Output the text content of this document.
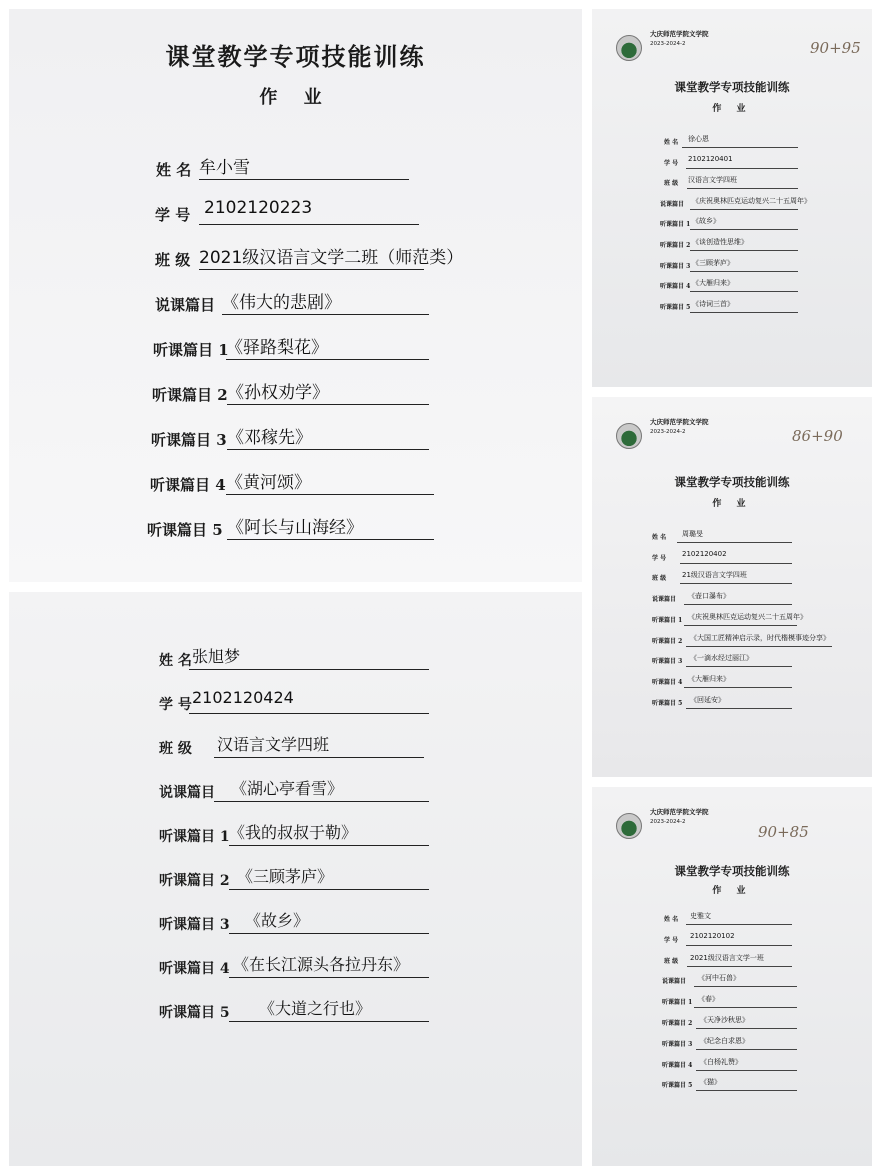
课堂教学专项技能训练
作 业
姓 名 牟小雪
学 号 2102120223
班 级 2021级汉语言文学二班（师范类）
说课篇目 《伟大的悲剧》
听课篇目 1
《驿路梨花》
听课篇目 2 《孙权劝学》
听课篇目 3 《邓稼先》
听课篇目 4 《黄河颂》
听课篇目 5 《阿长与山海经》
姓 名 张旭梦
学 号 2102120424
班 级 汉语言文学四班
说课篇目 《湖心亭看雪》
听课篇目 1 《我的叔叔于勒》
听课篇目 2 《三顾茅庐》
听课篇目 3 《故乡》
听课篇目 4 《在长江源头各拉丹东》
听课篇目 5 《大道之行也》
大庆师范学院文学院
2023-2024-2	90+95
课堂教学专项技能训练
作 业
姓 名 徐心恩
学 号
2102120401
班 级 汉语言文学四班
说课篇目 《庆祝奥林匹克运动复兴二十五周年》
听课篇目 1 《故乡》
听课篇目 2 《谈创造性思维》
听课篇目 3 《三顾茅庐》
听课篇目 4 《大雁归来》
听课篇目 5 《诗词三首》
大庆师范学院文学院
2023-2024-2	86+90
课堂教学专项技能训练
作 业
姓 名 周璐旻
学 号
2102120402
班 级 21级汉语言文学四班
说课篇目 《壶口瀑布》
听课篇目 1 《庆祝奥林匹克运动复兴二十五周年》
听课篇目 2 《大国工匠精神启示录，时代楷模事迹分享》
听课篇目 3 《一滴水经过丽江》
听课篇目 4 《大雁归来》
听课篇目 5 《回延安》
大庆师范学院文学院
2023-2024-2
90+85
课堂教学专项技能训练
作 业
姓 名 史雅文
学 号
2102120102
班 级 2021级汉语言文学一班
说课篇目 《河中石兽》
听课篇目 1 《春》
听课篇目 2 《天净沙秋思》
听课篇目 3 《纪念白求恩》
听课篇目 4 《白杨礼赞》
听课篇目 5 《猫》
